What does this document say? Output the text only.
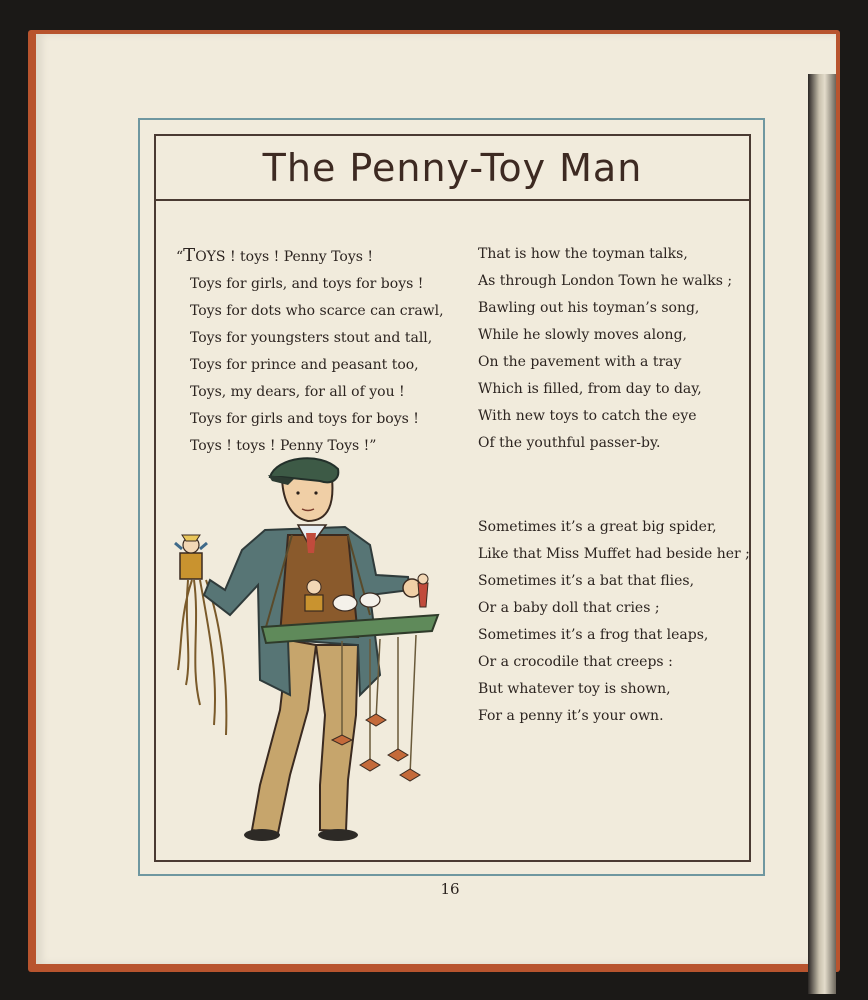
The Penny-Toy Man
“TOYS ! toys ! Penny Toys !
Toys for girls, and toys for boys !
Toys for dots who scarce can crawl,
Toys for youngsters stout and tall,
Toys for prince and peasant too,
Toys, my dears, for all of you !
Toys for girls and toys for boys !
Toys ! toys ! Penny Toys !”
That is how the toyman talks,
As through London Town he walks ;
Bawling out his toyman’s song,
While he slowly moves along,
On the pavement with a tray
Which is filled, from day to day,
With new toys to catch the eye
Of the youthful passer-by.
Sometimes it’s a great big spider,
Like that Miss Muffet had beside her ;
Sometimes it’s a bat that flies,
Or a baby doll that cries ;
Sometimes it’s a frog that leaps,
Or a crocodile that creeps :
But whatever toy is shown,
For a penny it’s your own.
16
